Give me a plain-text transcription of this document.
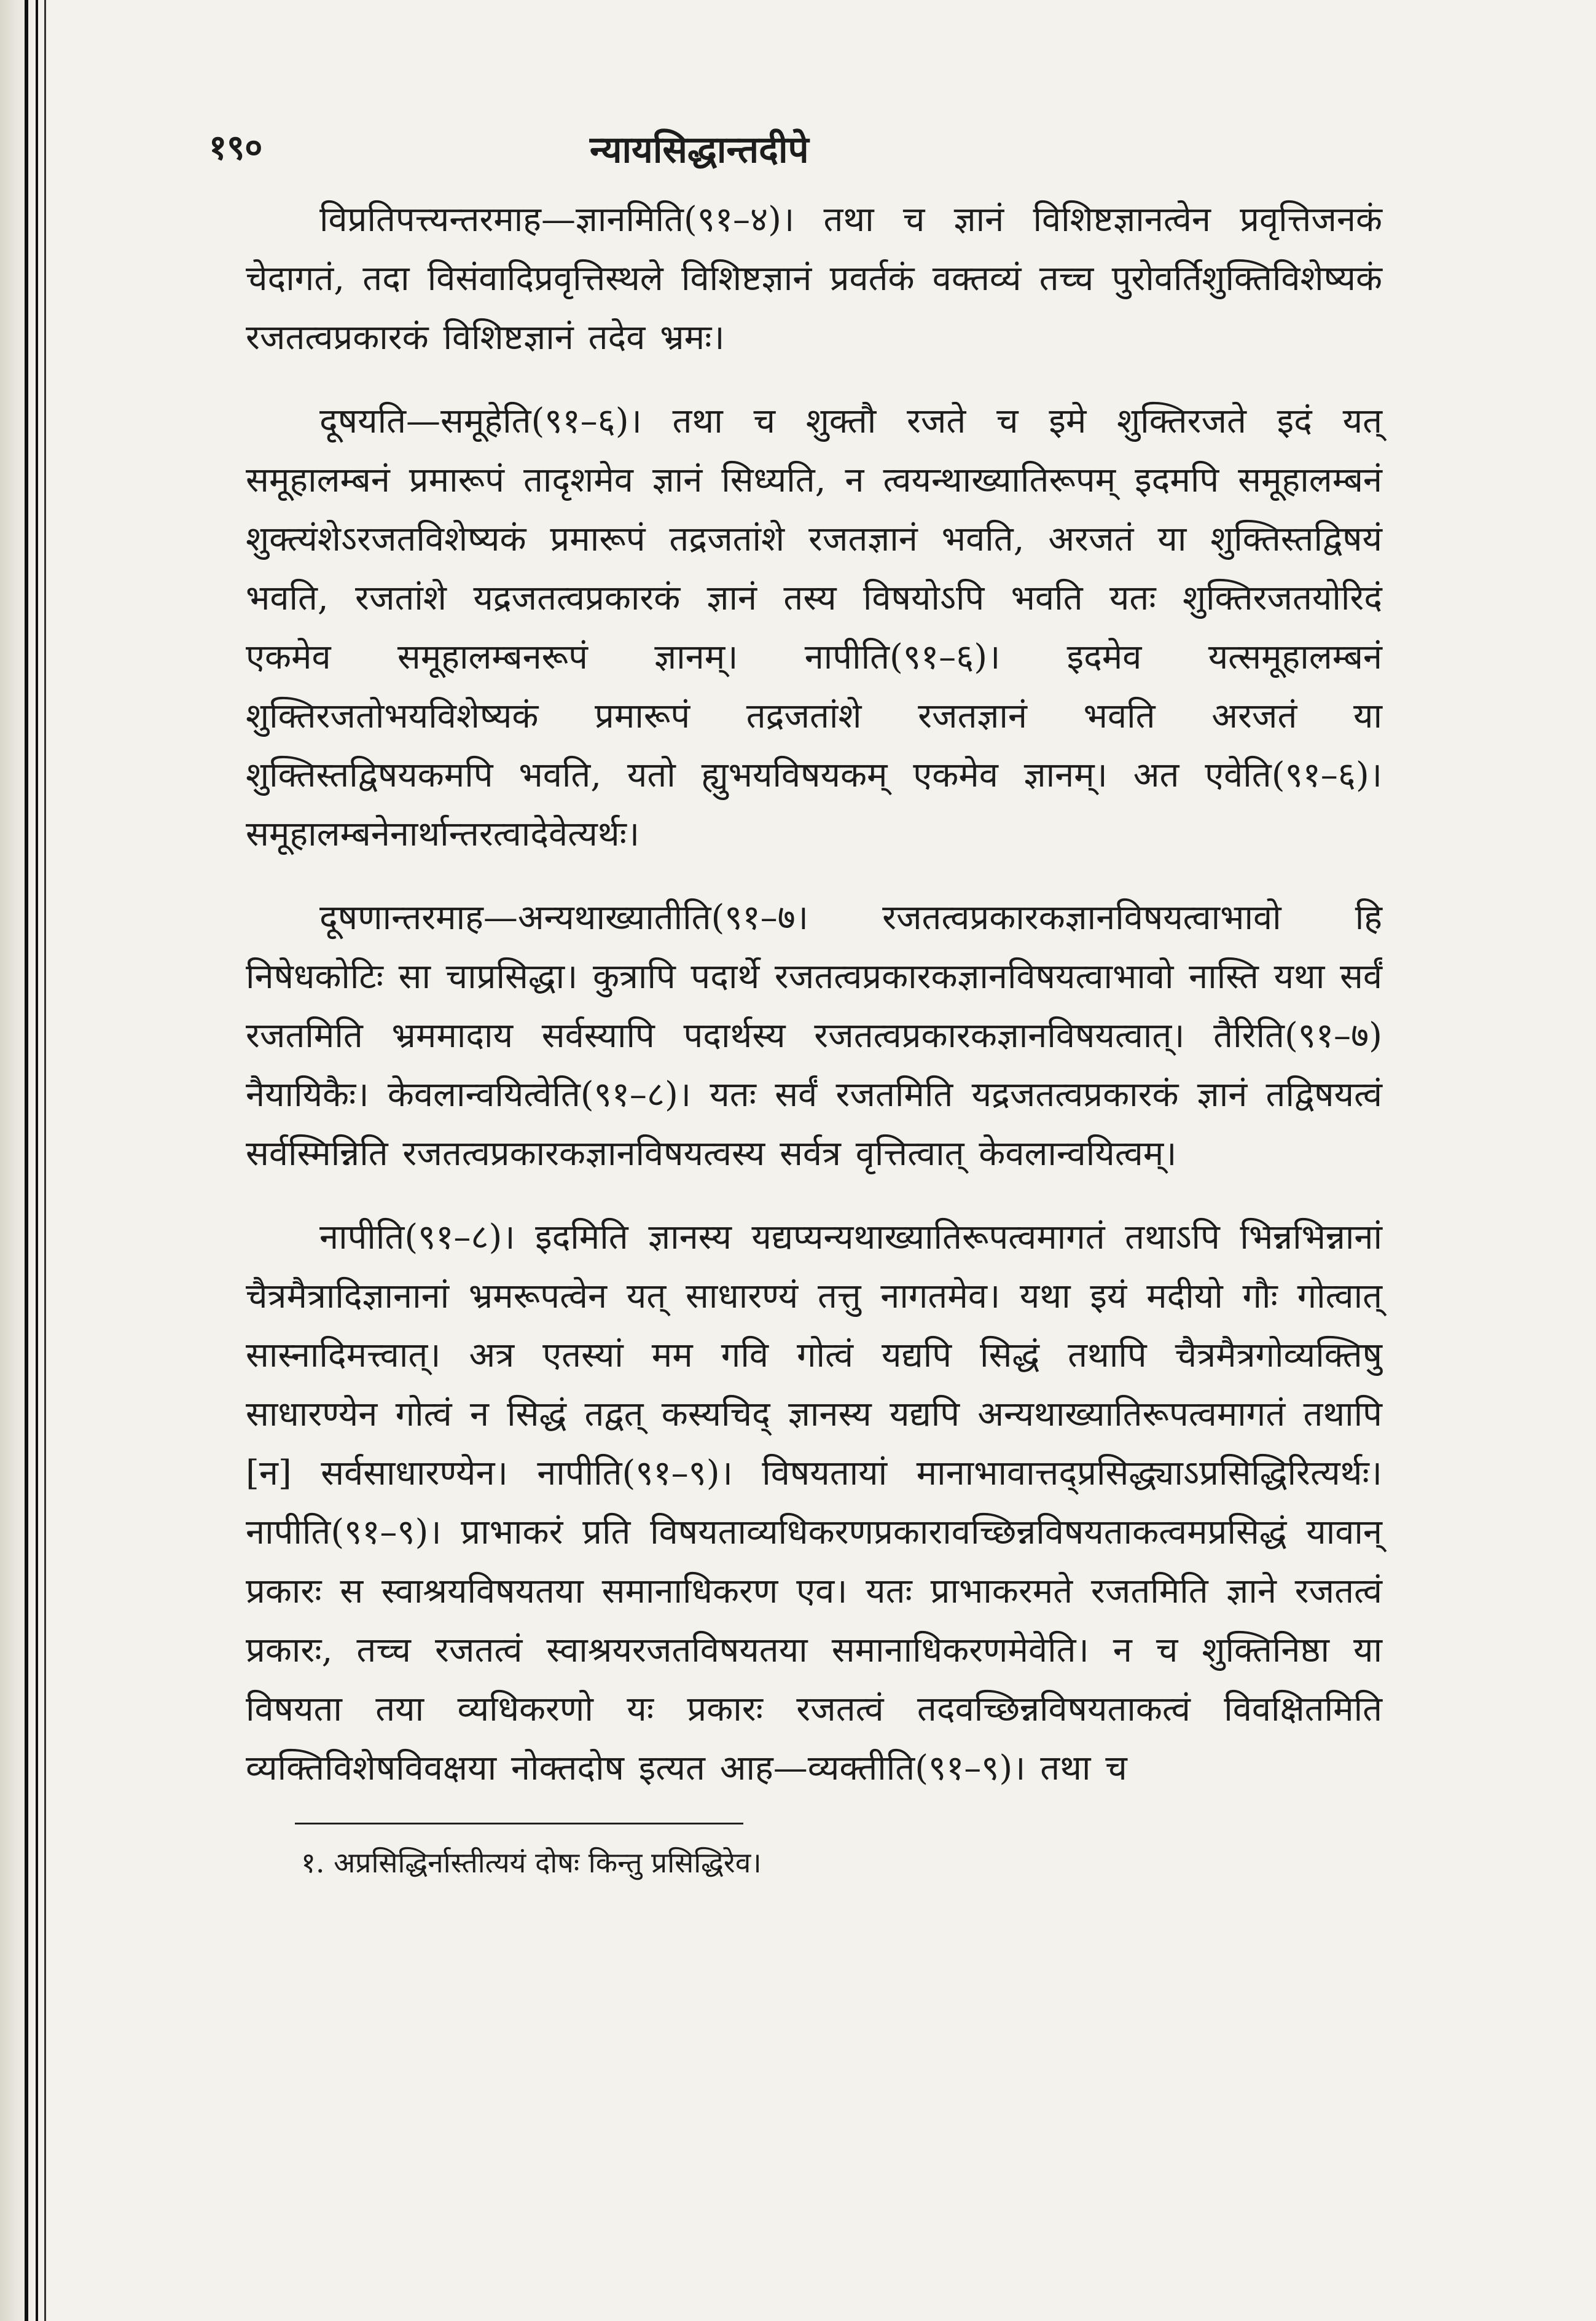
१९०	न्यायसिद्धान्तदीपे

विप्रतिपत्त्यन्तरमाह—ज्ञानमिति(९१–४)। तथा च ज्ञानं विशिष्टज्ञानत्वेन प्रवृत्तिजनकं चेदागतं, तदा विसंवादिप्रवृत्तिस्थले विशिष्टज्ञानं प्रवर्तकं वक्तव्यं तच्च पुरोवर्तिशुक्तिविशेष्यकं रजतत्वप्रकारकं विशिष्टज्ञानं तदेव भ्रमः।

दूषयति—समूहेति(९१–६)। तथा च शुक्तौ रजते च इमे शुक्तिरजते इदं यत् समूहालम्बनं प्रमारूपं तादृशमेव ज्ञानं सिध्यति, न त्वयन्थाख्यातिरूपम् इदमपि समूहालम्बनं शुक्त्यंशेऽरजतविशेष्यकं प्रमारूपं तद्रजतांशे रजतज्ञानं भवति, अरजतं या शुक्तिस्तद्विषयं भवति, रजतांशे यद्रजतत्वप्रकारकं ज्ञानं तस्य विषयोऽपि भवति यतः शुक्तिरजतयोरिदं एकमेव समूहालम्बनरूपं ज्ञानम्। नापीति(९१–६)। इदमेव यत्समूहालम्बनं शुक्तिरजतोभयविशेष्यकं प्रमारूपं तद्रजतांशे रजतज्ञानं भवति अरजतं या शुक्तिस्तद्विषयकमपि भवति, यतो ह्युभयविषयकम् एकमेव ज्ञानम्। अत एवेति(९१–६)। समूहालम्बनेनार्थान्तरत्वादेवेत्यर्थः।

दूषणान्तरमाह—अन्यथाख्यातीति(९१–७। रजतत्वप्रकारकज्ञानविषयत्वाभावो हि निषेधकोटिः सा चाप्रसिद्धा। कुत्रापि पदार्थे रजतत्वप्रकारकज्ञानविषयत्वाभावो नास्ति यथा सर्वं रजतमिति भ्रममादाय सर्वस्यापि पदार्थस्य रजतत्वप्रकारकज्ञानविषयत्वात्। तैरिति(९१–७) नैयायिकैः। केवलान्वयित्वेति(९१–८)। यतः सर्वं रजतमिति यद्रजतत्वप्रकारकं ज्ञानं तद्विषयत्वं सर्वस्मिन्निति रजतत्वप्रकारकज्ञानविषयत्वस्य सर्वत्र वृत्तित्वात् केवलान्वयित्वम्।

नापीति(९१–८)। इदमिति ज्ञानस्य यद्यप्यन्यथाख्यातिरूपत्वमागतं तथाऽपि भिन्नभिन्नानां चैत्रमैत्रादिज्ञानानां भ्रमरूपत्वेन यत् साधारण्यं तत्तु नागतमेव। यथा इयं मदीयो गौः गोत्वात् सास्नादिमत्त्वात्। अत्र एतस्यां मम गवि गोत्वं यद्यपि सिद्धं तथापि चैत्रमैत्रगोव्यक्तिषु साधारण्येन गोत्वं न सिद्धं तद्वत् कस्यचिद् ज्ञानस्य यद्यपि अन्यथाख्यातिरूपत्वमागतं तथापि [न] सर्वसाधारण्येन। नापीति(९१–९)। विषयतायां मानाभावात्तद्प्रसिद्ध्याऽप्रसिद्धिरित्यर्थः। नापीति(९१–९)। प्राभाकरं प्रति विषयताव्यधिकरणप्रकारावच्छिन्नविषयताकत्वमप्रसिद्धं यावान् प्रकारः स स्वाश्रयविषयतया समानाधिकरण एव। यतः प्राभाकरमते रजतमिति ज्ञाने रजतत्वं प्रकारः, तच्च रजतत्वं स्वाश्रयरजतविषयतया समानाधिकरणमेवेति। न च शुक्तिनिष्ठा या विषयता तया व्यधिकरणो यः प्रकारः रजतत्वं तदवच्छिन्नविषयताकत्वं विवक्षितमिति व्यक्तिविशेषविवक्षया नोक्तदोष इत्यत आह—व्यक्तीति(९१–९)। तथा च

१. अप्रसिद्धिर्नास्तीत्ययं दोषः किन्तु प्रसिद्धिरेव।
